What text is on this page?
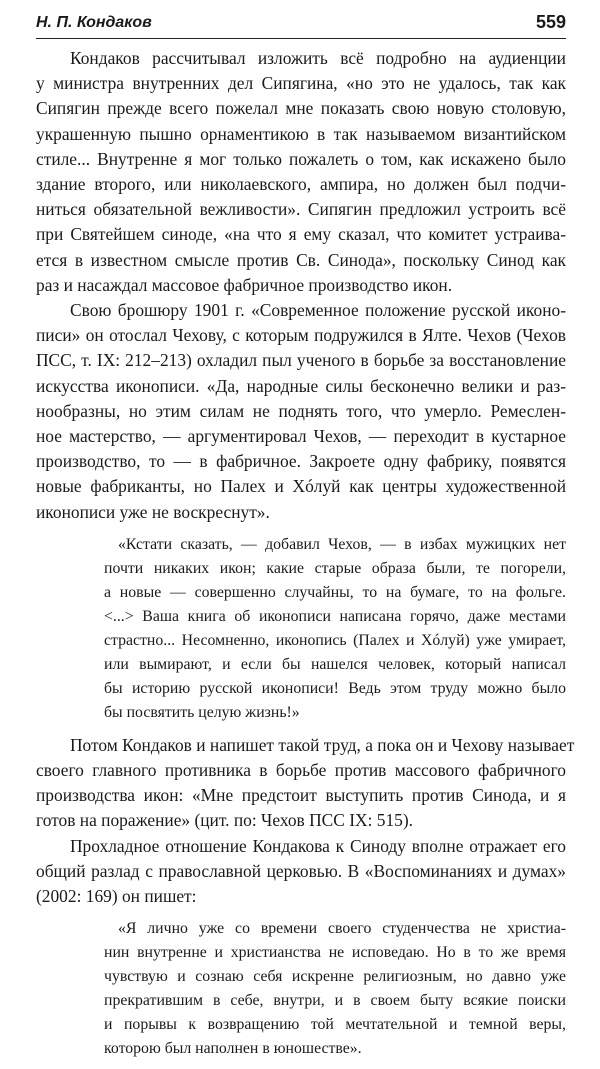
Н. П. Кондаков	559
Кондаков рассчитывал изложить всё подробно на аудиенции
у министра внутренних дел Сипягина, «но это не удалось, так как
Сипягин прежде всего пожелал мне показать свою новую столовую,
украшенную пышно орнаментикою в так называемом византийском
стиле... Внутренне я мог только пожалеть о том, как искажено было
здание второго, или николаевского, ампира, но должен был подчи-
ниться обязательной вежливости». Сипягин предложил устроить всё
при Святейшем синоде, «на что я ему сказал, что комитет устраива-
ется в известном смысле против Св. Синода», поскольку Синод как
раз и насаждал массовое фабричное производство икон.
Свою брошюру 1901 г. «Современное положение русской иконо-
писи» он отослал Чехову, с которым подружился в Ялте. Чехов (Чехов
ПСС, т. IX: 212–213) охладил пыл ученого в борьбе за восстановление
искусства иконописи. «Да, народные силы бесконечно велики и раз-
нообразны, но этим силам не поднять того, что умерло. Ремеслен-
ное мастерство, — аргументировал Чехов, — переходит в кустарное
производство, то — в фабричное. Закроете одну фабрику, появятся
новые фабриканты, но Палех и Хóлуй как центры художественной
иконописи уже не воскреснут».
«Кстати сказать, — добавил Чехов, — в избах мужицких нет
почти никаких икон; какие старые образа были, те погорели,
а новые — совершенно случайны, то на бумаге, то на фольге.
<...> Ваша книга об иконописи написана горячо, даже местами
страстно... Несомненно, иконопись (Палех и Хóлуй) уже умирает,
или вымирают, и если бы нашелся человек, который написал
бы историю русской иконописи! Ведь этом труду можно было
бы посвятить целую жизнь!»
Потом Кондаков и напишет такой труд, а пока он и Чехову называет
своего главного противника в борьбе против массового фабричного
производства икон: «Мне предстоит выступить против Синода, и я
готов на поражение» (цит. по: Чехов ПСС IX: 515).
Прохладное отношение Кондакова к Синоду вполне отражает его
общий разлад с православной церковью. В «Воспоминаниях и думах»
(2002: 169) он пишет:
«Я лично уже со времени своего студенчества не христиа-
нин внутренне и христианства не исповедаю. Но в то же время
чувствую и сознаю себя искренне религиозным, но давно уже
прекратившим в себе, внутри, и в своем быту всякие поиски
и порывы к возвращению той мечтательной и темной веры,
которою был наполнен в юношестве».
